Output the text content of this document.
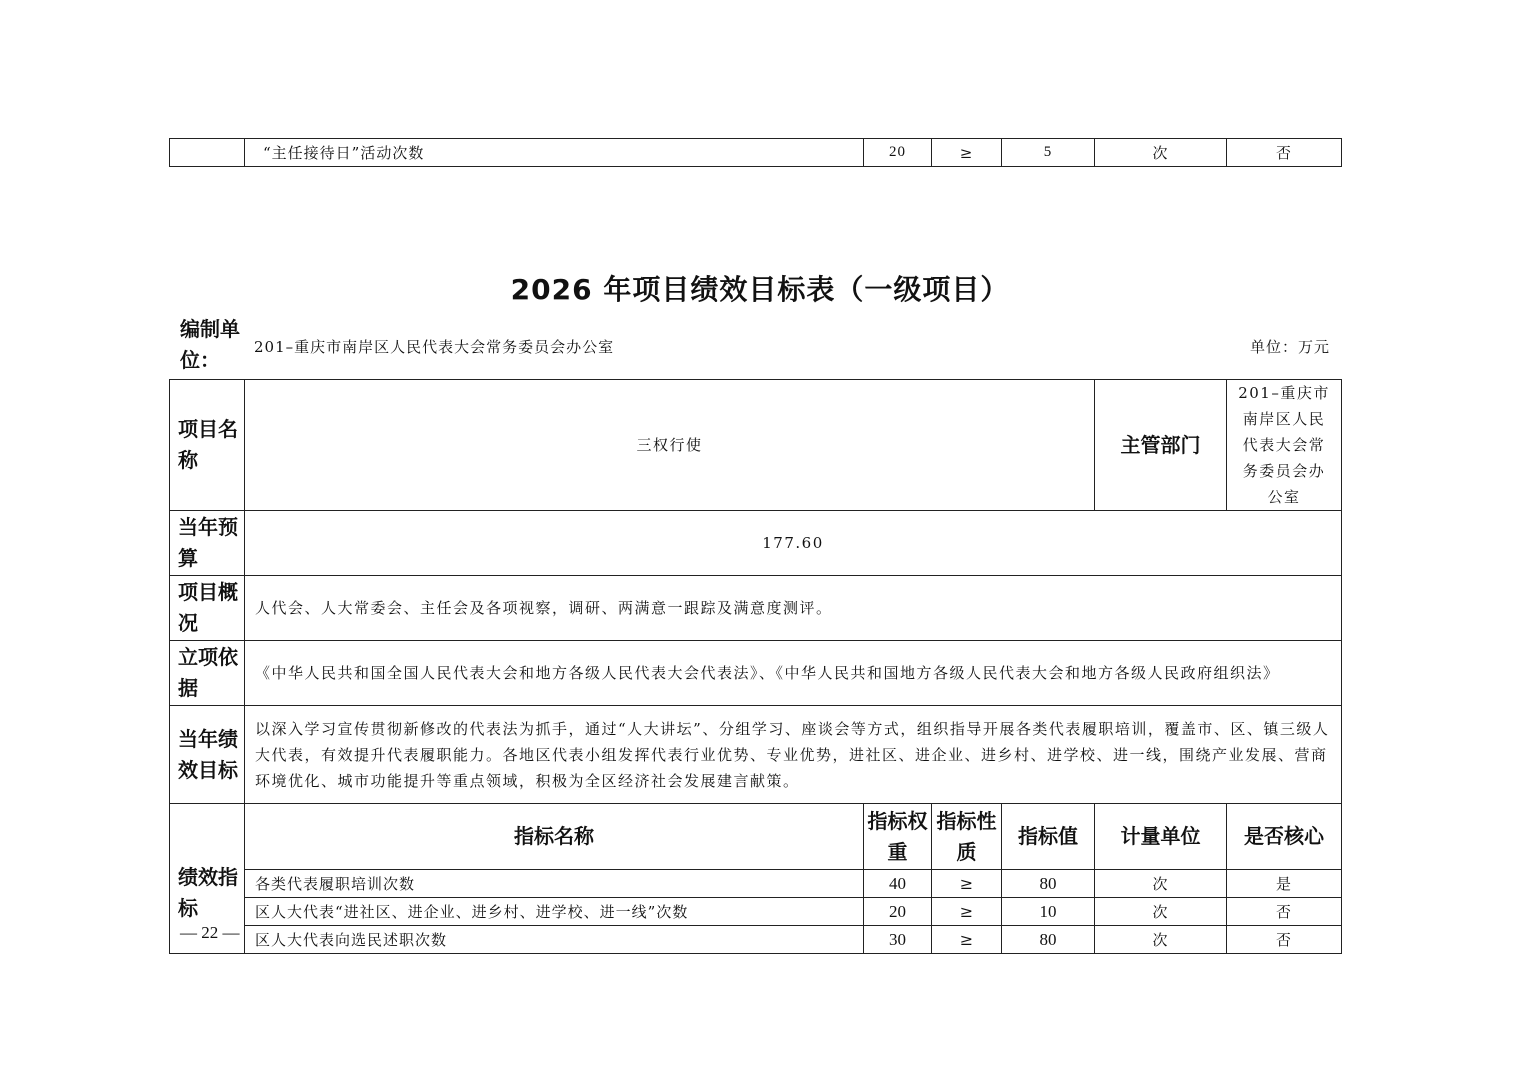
	“主任接待日”活动次数	20	≥	5	次	否
2026 年项目绩效目标表（一级项目）
编制单位：
201–重庆市南岸区人民代表大会常务委员会办公室	单位：万元
项目名称	三权行使				主管部门	201–重庆市南岸区人民代表大会常务委员会办公室
当年预算	177.60					
项目概况	人代会、人大常委会、主任会及各项视察，调研、两满意一跟踪及满意度测评。					
立项依据	《中华人民共和国全国人民代表大会和地方各级人民代表大会代表法》、《中华人民共和国地方各级人民代表大会和地方各级人民政府组织法》					
当年绩效目标	以深入学习宣传贯彻新修改的代表法为抓手，通过“人大讲坛”、分组学习、座谈会等方式，组织指导开展各类代表履职培训，覆盖市、区、镇三级人大代表，有效提升代表履职能力。各地区代表小组发挥代表行业优势、专业优势，进社区、进企业、进乡村、进学校、进一线，围绕产业发展、营商环境优化、城市功能提升等重点领域，积极为全区经济社会发展建言献策。					
绩效指标	指标名称	指标权重	指标性质	指标值	计量单位	是否核心
	各类代表履职培训次数	40	≥	80	次	是
	区人大代表“进社区、进企业、进乡村、进学校、进一线”次数	20	≥	10	次	否
	区人大代表向选民述职次数	30	≥	80	次	否
— 22 —
